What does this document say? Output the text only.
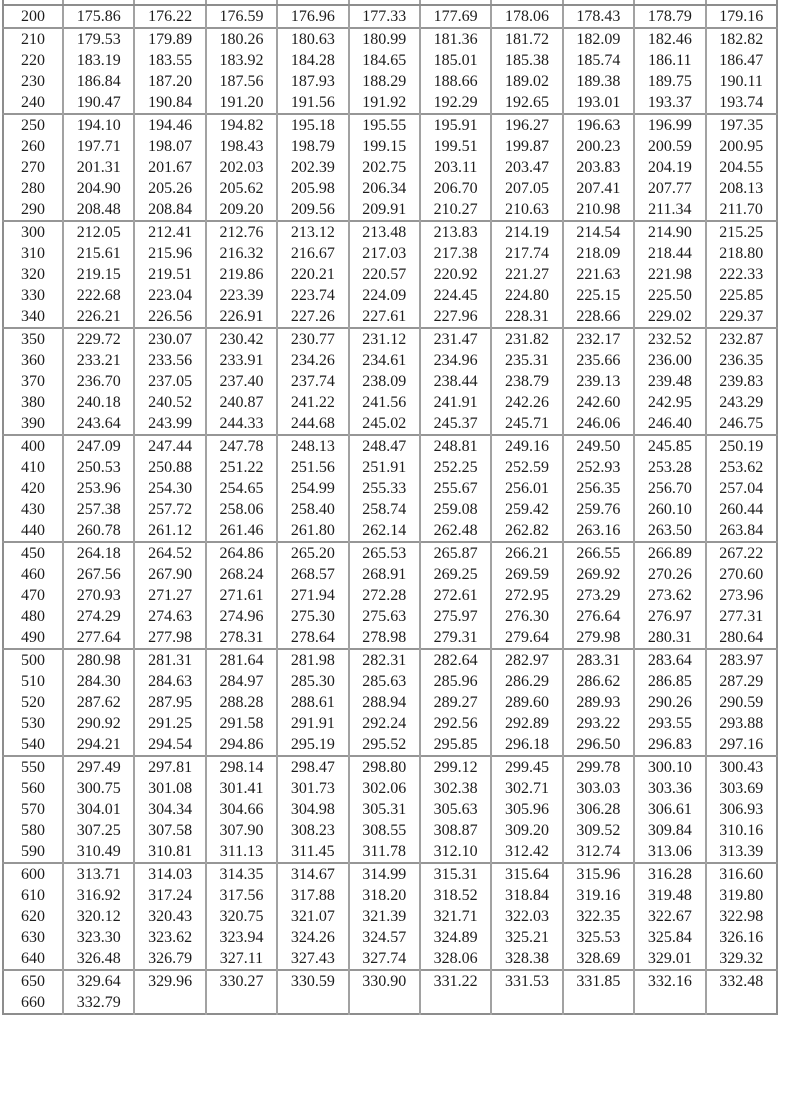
200	175.86	176.22	176.59	176.96	177.33	177.69	178.06	178.43	178.79	179.16
210	179.53	179.89	180.26	180.63	180.99	181.36	181.72	182.09	182.46	182.82
220	183.19	183.55	183.92	184.28	184.65	185.01	185.38	185.74	186.11	186.47
230	186.84	187.20	187.56	187.93	188.29	188.66	189.02	189.38	189.75	190.11
240	190.47	190.84	191.20	191.56	191.92	192.29	192.65	193.01	193.37	193.74
250	194.10	194.46	194.82	195.18	195.55	195.91	196.27	196.63	196.99	197.35
260	197.71	198.07	198.43	198.79	199.15	199.51	199.87	200.23	200.59	200.95
270	201.31	201.67	202.03	202.39	202.75	203.11	203.47	203.83	204.19	204.55
280	204.90	205.26	205.62	205.98	206.34	206.70	207.05	207.41	207.77	208.13
290	208.48	208.84	209.20	209.56	209.91	210.27	210.63	210.98	211.34	211.70
300	212.05	212.41	212.76	213.12	213.48	213.83	214.19	214.54	214.90	215.25
310	215.61	215.96	216.32	216.67	217.03	217.38	217.74	218.09	218.44	218.80
320	219.15	219.51	219.86	220.21	220.57	220.92	221.27	221.63	221.98	222.33
330	222.68	223.04	223.39	223.74	224.09	224.45	224.80	225.15	225.50	225.85
340	226.21	226.56	226.91	227.26	227.61	227.96	228.31	228.66	229.02	229.37
350	229.72	230.07	230.42	230.77	231.12	231.47	231.82	232.17	232.52	232.87
360	233.21	233.56	233.91	234.26	234.61	234.96	235.31	235.66	236.00	236.35
370	236.70	237.05	237.40	237.74	238.09	238.44	238.79	239.13	239.48	239.83
380	240.18	240.52	240.87	241.22	241.56	241.91	242.26	242.60	242.95	243.29
390	243.64	243.99	244.33	244.68	245.02	245.37	245.71	246.06	246.40	246.75
400	247.09	247.44	247.78	248.13	248.47	248.81	249.16	249.50	245.85	250.19
410	250.53	250.88	251.22	251.56	251.91	252.25	252.59	252.93	253.28	253.62
420	253.96	254.30	254.65	254.99	255.33	255.67	256.01	256.35	256.70	257.04
430	257.38	257.72	258.06	258.40	258.74	259.08	259.42	259.76	260.10	260.44
440	260.78	261.12	261.46	261.80	262.14	262.48	262.82	263.16	263.50	263.84
450	264.18	264.52	264.86	265.20	265.53	265.87	266.21	266.55	266.89	267.22
460	267.56	267.90	268.24	268.57	268.91	269.25	269.59	269.92	270.26	270.60
470	270.93	271.27	271.61	271.94	272.28	272.61	272.95	273.29	273.62	273.96
480	274.29	274.63	274.96	275.30	275.63	275.97	276.30	276.64	276.97	277.31
490	277.64	277.98	278.31	278.64	278.98	279.31	279.64	279.98	280.31	280.64
500	280.98	281.31	281.64	281.98	282.31	282.64	282.97	283.31	283.64	283.97
510	284.30	284.63	284.97	285.30	285.63	285.96	286.29	286.62	286.85	287.29
520	287.62	287.95	288.28	288.61	288.94	289.27	289.60	289.93	290.26	290.59
530	290.92	291.25	291.58	291.91	292.24	292.56	292.89	293.22	293.55	293.88
540	294.21	294.54	294.86	295.19	295.52	295.85	296.18	296.50	296.83	297.16
550	297.49	297.81	298.14	298.47	298.80	299.12	299.45	299.78	300.10	300.43
560	300.75	301.08	301.41	301.73	302.06	302.38	302.71	303.03	303.36	303.69
570	304.01	304.34	304.66	304.98	305.31	305.63	305.96	306.28	306.61	306.93
580	307.25	307.58	307.90	308.23	308.55	308.87	309.20	309.52	309.84	310.16
590	310.49	310.81	311.13	311.45	311.78	312.10	312.42	312.74	313.06	313.39
600	313.71	314.03	314.35	314.67	314.99	315.31	315.64	315.96	316.28	316.60
610	316.92	317.24	317.56	317.88	318.20	318.52	318.84	319.16	319.48	319.80
620	320.12	320.43	320.75	321.07	321.39	321.71	322.03	322.35	322.67	322.98
630	323.30	323.62	323.94	324.26	324.57	324.89	325.21	325.53	325.84	326.16
640	326.48	326.79	327.11	327.43	327.74	328.06	328.38	328.69	329.01	329.32
650	329.64	329.96	330.27	330.59	330.90	331.22	331.53	331.85	332.16	332.48
660	332.79									
